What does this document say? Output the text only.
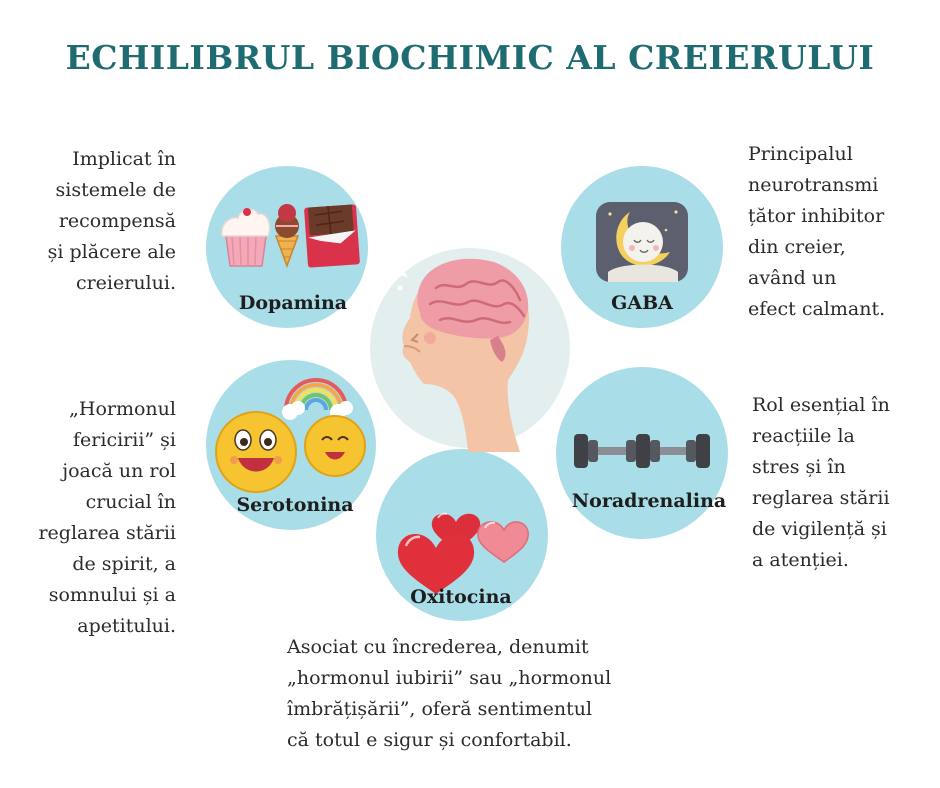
ECHILIBRUL BIOCHIMIC AL CREIERULUI
Implicat în
sistemele de
recompensă
și plăcere ale
creierului.
Principalul
neurotransmi
țător inhibitor
din creier,
având un
efect calmant.
„Hormonul
fericirii” și
joacă un rol
crucial în
reglarea stării
de spirit, a
somnului și a
apetitului.
Rol esențial în
reacțiile la
stres și în
reglarea stării
de vigilență și
a atenției.
Asociat cu încrederea, denumit
„hormonul iubirii” sau „hormonul
îmbrățișării”, oferă sentimentul
că totul e sigur și confortabil.
Dopamina	GABA
Serotonina	Noradrenalina
Oxitocina
